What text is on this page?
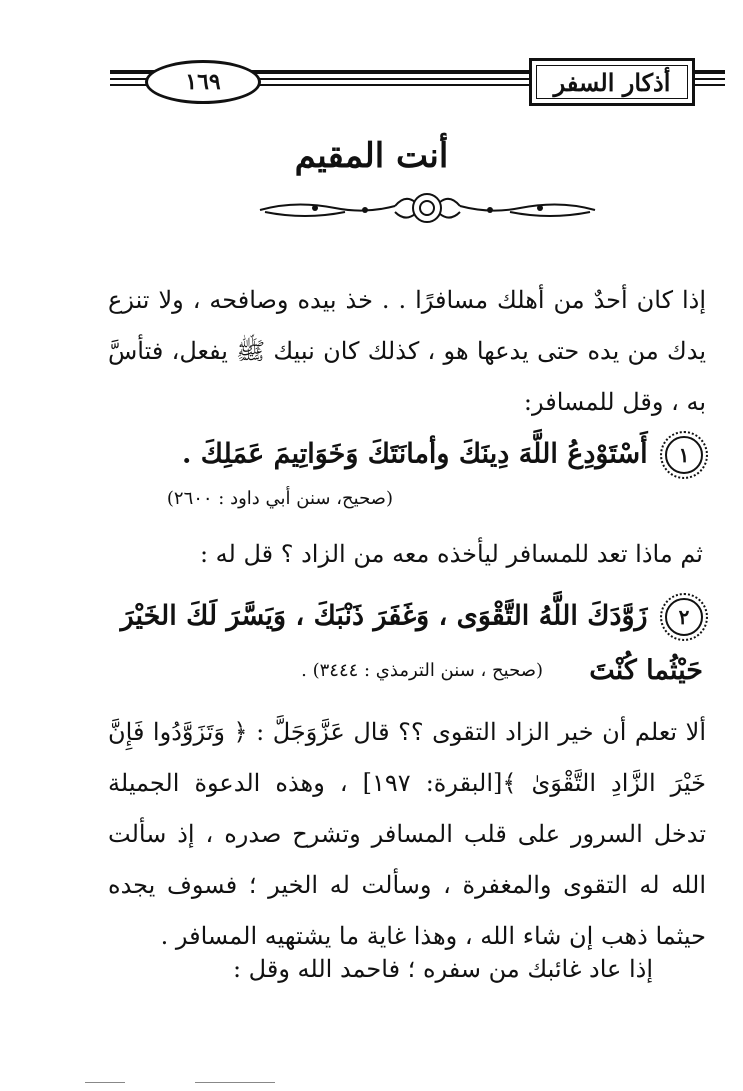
١٦٩	أذكار السفر
أنت المقيم
إذا كان أحدٌ من أهلك مسافرًا . . خذ بيده وصافحه ، ولا تنزع يدك من يده حتى يدعها هو ، كذلك كان نبيك ﷺ يفعل، فتأسَّ به ، وقل للمسافر:
١ أَسْتَوْدِعُ اللَّهَ دِينَكَ وأمانَتَكَ وَخَوَاتِيمَ عَمَلِكَ .
(صحيح، سنن أبي داود : ٢٦٠٠)
ثم ماذا تعد للمسافر ليأخذه معه من الزاد ؟ قل له :
٢ زَوَّدَكَ اللَّهُ التَّقْوَى ، وَغَفَرَ ذَنْبَكَ ، وَيَسَّرَ لَكَ الخَيْرَ
حَيْثُما كُنْتَ
(صحيح ، سنن الترمذي : ٣٤٤٤) .
ألا تعلم أن خير الزاد التقوى ؟؟ قال عَزَّوَجَلَّ : ﴿ وَتَزَوَّدُوا فَإِنَّ خَيْرَ الزَّادِ التَّقْوَىٰ ﴾[البقرة: ١٩٧] ، وهذه الدعوة الجميلة تدخل السرور على قلب المسافر وتشرح صدره ، إذ سألت الله له التقوى والمغفرة ، وسألت له الخير ؛ فسوف يجده حيثما ذهب إن شاء الله ، وهذا غاية ما يشتهيه المسافر .
إذا عاد غائبك من سفره ؛ فاحمد الله وقل :
